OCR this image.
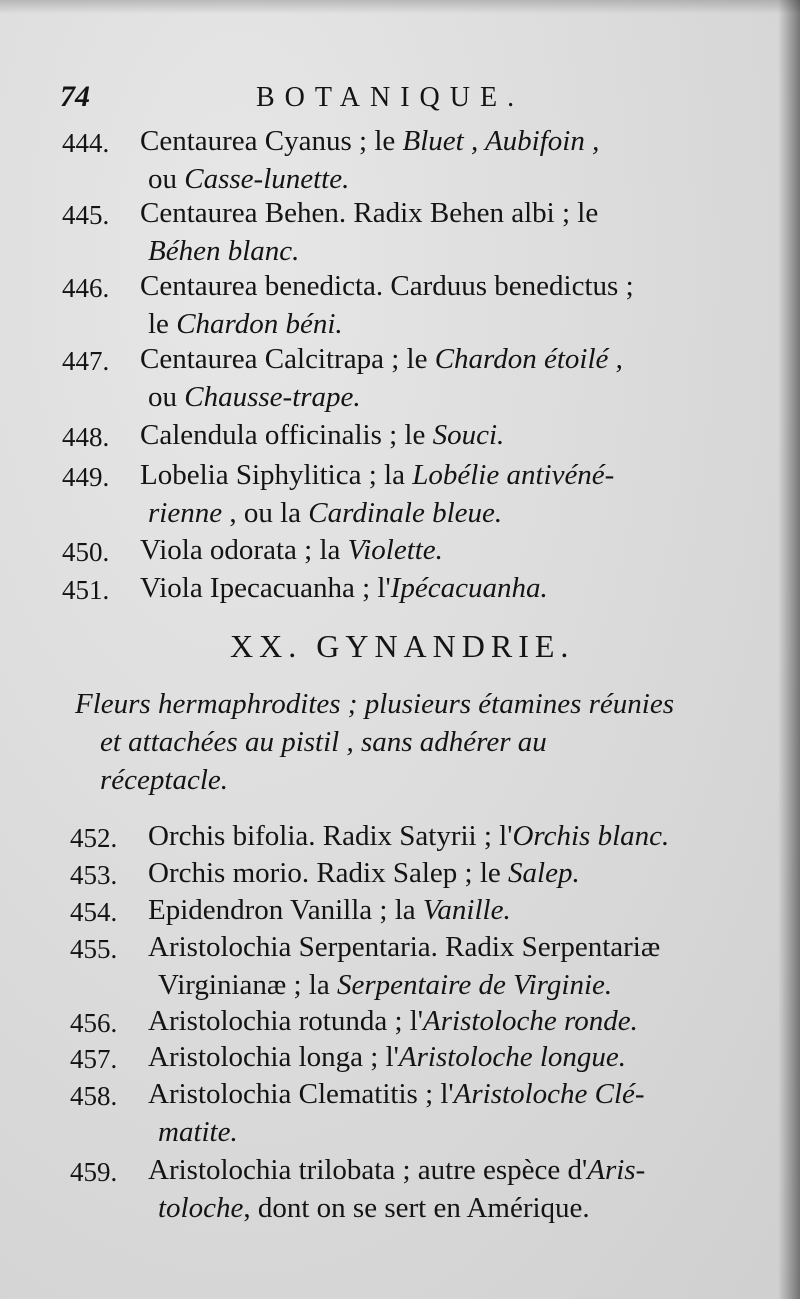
74	BOTANIQUE.
444. Centaurea Cyanus ; le Bluet , Aubifoin ,
ou Casse-lunette.
445. Centaurea Behen. Radix Behen albi ; le
Béhen blanc.
446. Centaurea benedicta. Carduus benedictus ;
le Chardon béni.
447. Centaurea Calcitrapa ; le Chardon étoilé ,
ou Chausse-trape.
448. Calendula officinalis ; le Souci.
449. Lobelia Siphylitica ; la Lobélie antivéné-
rienne , ou la Cardinale bleue.
450. Viola odorata ; la Violette.
451. Viola Ipecacuanha ; l'Ipécacuanha.
XX. GYNANDRIE.
Fleurs hermaphrodites ; plusieurs étamines réunies
et attachées au pistil , sans adhérer au
réceptacle.
452. Orchis bifolia. Radix Satyrii ; l'Orchis blanc.
453. Orchis morio. Radix Salep ; le Salep.
454. Epidendron Vanilla ; la Vanille.
455. Aristolochia Serpentaria. Radix Serpentariæ
Virginianæ ; la Serpentaire de Virginie.
456. Aristolochia rotunda ; l'Aristoloche ronde.
457. Aristolochia longa ; l'Aristoloche longue.
458. Aristolochia Clematitis ; l'Aristoloche Clé-
matite.
459. Aristolochia trilobata ; autre espèce d'Aris-
toloche, dont on se sert en Amérique.
